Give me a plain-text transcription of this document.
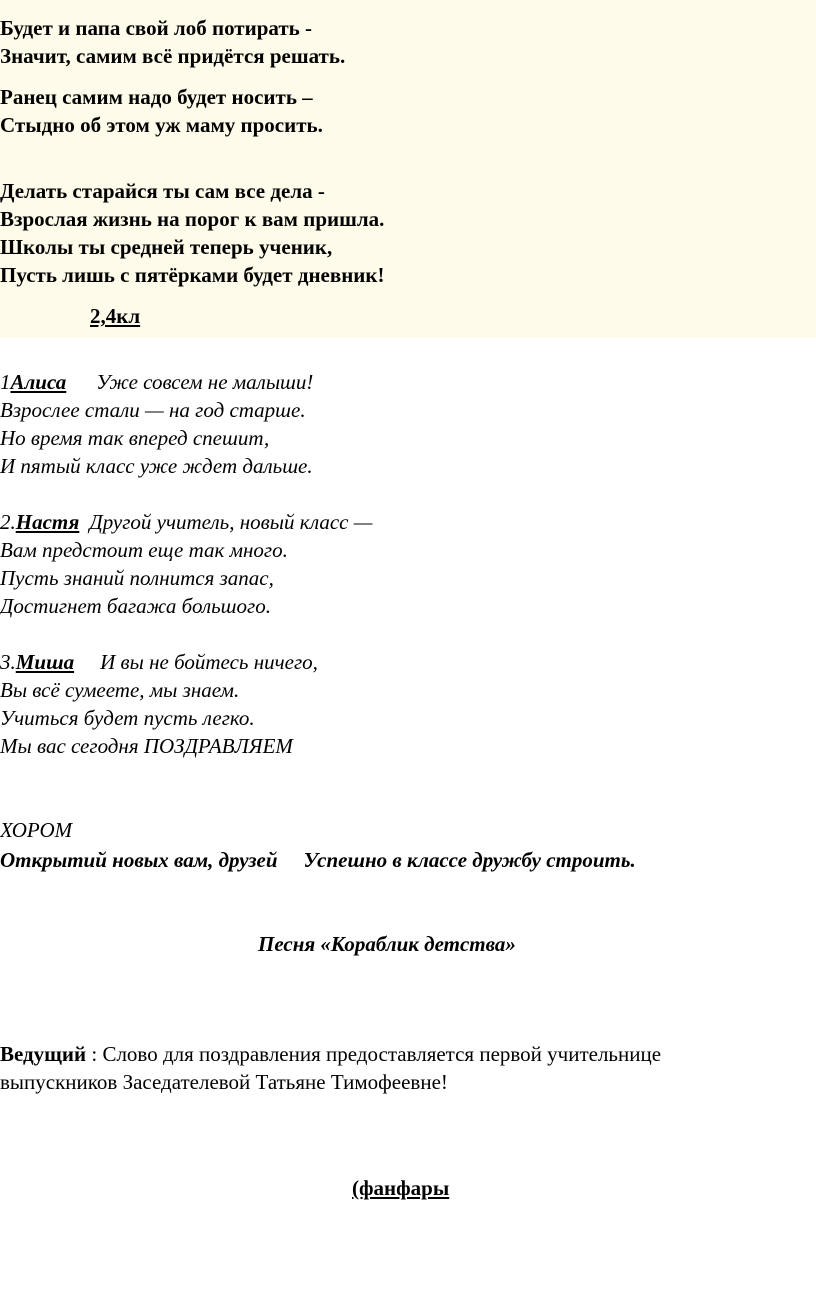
Будет и папа свой лоб потирать -
Значит, самим всё придётся решать.
Ранец самим надо будет носить –
Стыдно об этом уж маму просить.
Делать старайся ты сам все дела -
Взрослая жизнь на порог к вам пришла.
Школы ты средней теперь ученик,
Пусть лишь с пятёрками будет дневник!
2,4кл
1Алиса Уже совсем не малыши!
Взрослее стали — на год старше.
Но время так вперед спешит,
И пятый класс уже ждет дальше.
2.Настя Другой учитель, новый класс —
Вам предстоит еще так много.
Пусть знаний полнится запас,
Достигнет багажа большого.
3.Миша И вы не бойтесь ничего,
Вы всё сумеете, мы знаем.
Учиться будет пусть легко.
Мы вас сегодня ПОЗДРАВЛЯЕМ
ХОРОМ
Открытий новых вам, друзей Успешно в классе дружбу строить.
Песня «Кораблик детства»
Ведущий : Слово для поздравления предоставляется первой учительнице
выпускников Заседателевой Татьяне Тимофеевне!
(фанфары
